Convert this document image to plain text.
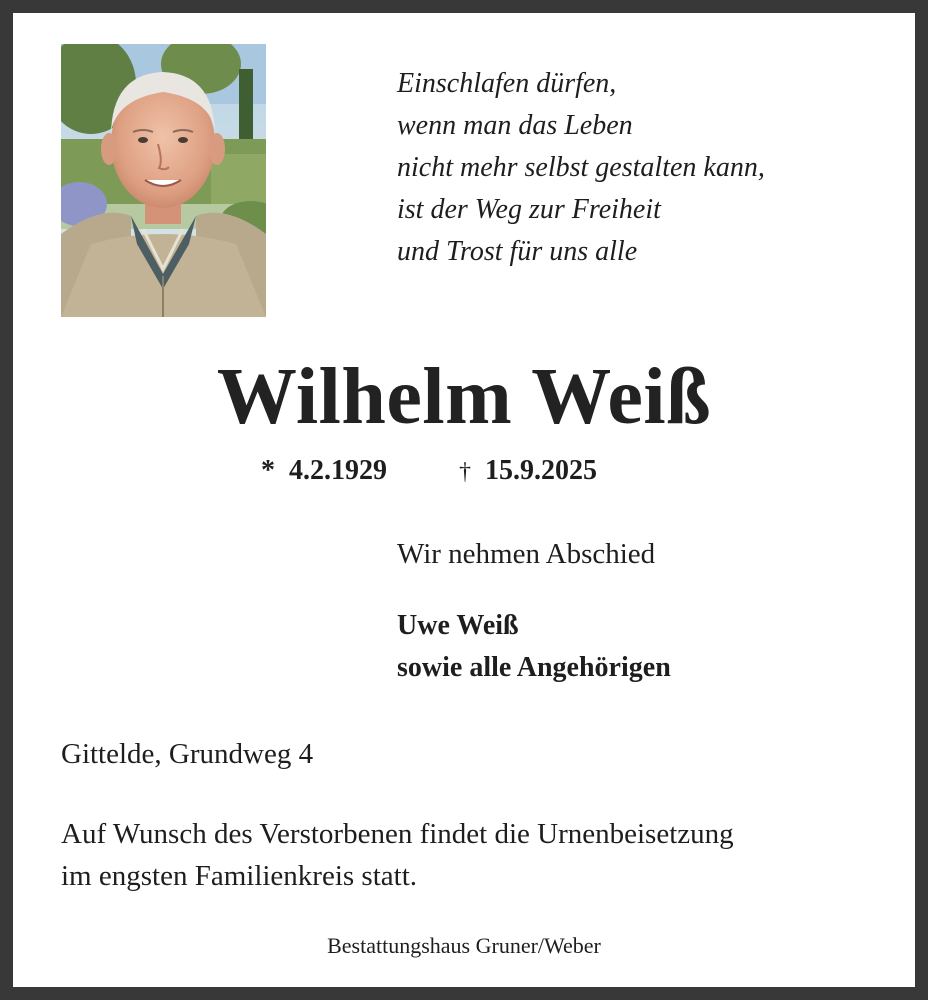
Einschlafen dürfen,
wenn man das Leben
nicht mehr selbst gestalten kann,
ist der Weg zur Freiheit
und Trost für uns alle
Wilhelm Weiß
* 4.2.1929	† 15.9.2025
Wir nehmen Abschied
Uwe Weiß
sowie alle Angehörigen
Gittelde, Grundweg 4
Auf Wunsch des Verstorbenen findet die Urnenbeisetzung
im engsten Familienkreis statt.
Bestattungshaus Gruner/Weber
